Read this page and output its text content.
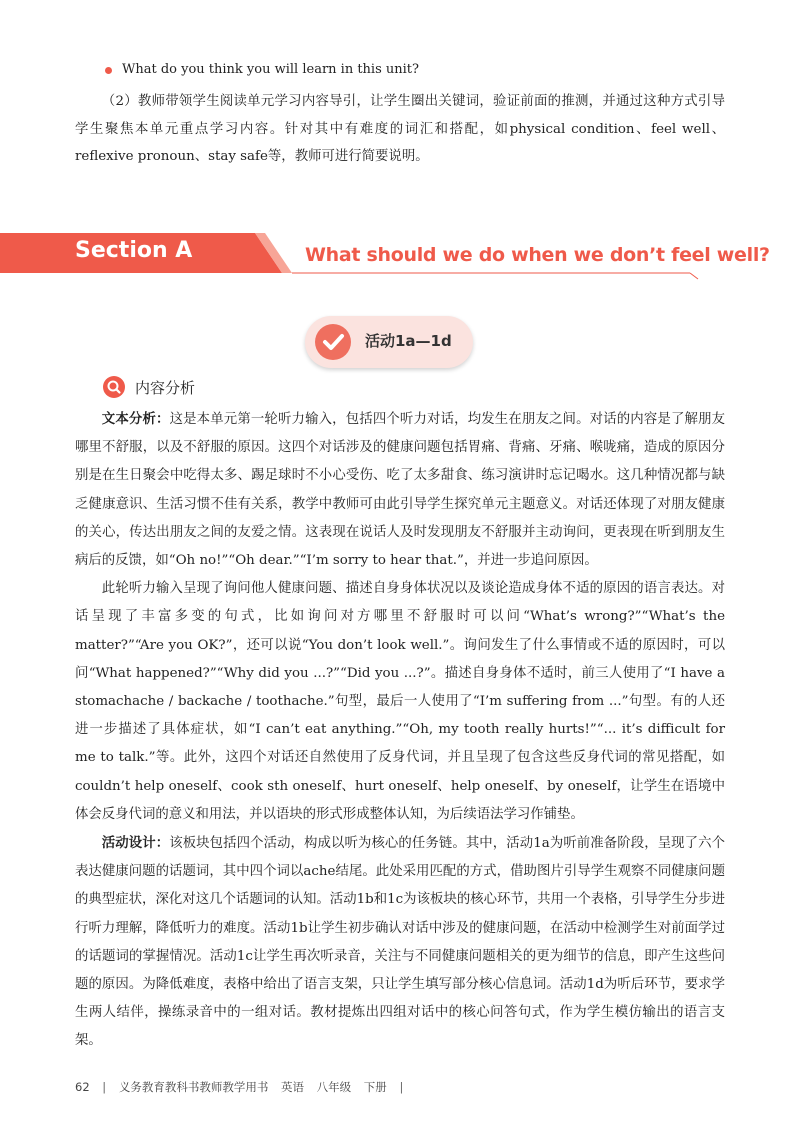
What do you think you will learn in this unit?

（2）教师带领学生阅读单元学习内容导引，让学生圈出关键词，验证前面的推测，并通过这种方式引导学生聚焦本单元重点学习内容。针对其中有难度的词汇和搭配，如physical condition、feel well、reflexive pronoun、stay safe等，教师可进行简要说明。

Section A	What should we do when we don’t feel well?
活动1a—1d
内容分析

文本分析：这是本单元第一轮听力输入，包括四个听力对话，均发生在朋友之间。对话的内容是了解朋友哪里不舒服，以及不舒服的原因。这四个对话涉及的健康问题包括胃痛、背痛、牙痛、喉咙痛，造成的原因分别是在生日聚会中吃得太多、踢足球时不小心受伤、吃了太多甜食、练习演讲时忘记喝水。这几种情况都与缺乏健康意识、生活习惯不佳有关系，教学中教师可由此引导学生探究单元主题意义。对话还体现了对朋友健康的关心，传达出朋友之间的友爱之情。这表现在说话人及时发现朋友不舒服并主动询问，更表现在听到朋友生病后的反馈，如“Oh no!”“Oh dear.”“I’m sorry to hear that.”，并进一步追问原因。

此轮听力输入呈现了询问他人健康问题、描述自身身体状况以及谈论造成身体不适的原因的语言表达。对话呈现了丰富多变的句式，比如询问对方哪里不舒服时可以问“What’s wrong?”“What’s the matter?”“Are you OK?”，还可以说“You don’t look well.”。询问发生了什么事情或不适的原因时，可以问“What happened?”“Why did you ...?”“Did you ...?”。描述自身身体不适时，前三人使用了“I have a stomachache / backache / toothache.”句型，最后一人使用了“I’m suffering from ...”句型。有的人还进一步描述了具体症状，如“I can’t eat anything.”“Oh, my tooth really hurts!”“... it’s difficult for me to talk.”等。此外，这四个对话还自然使用了反身代词，并且呈现了包含这些反身代词的常见搭配，如couldn’t help oneself、cook sth oneself、hurt oneself、help oneself、by oneself，让学生在语境中体会反身代词的意义和用法，并以语块的形式形成整体认知，为后续语法学习作铺垫。

活动设计：该板块包括四个活动，构成以听为核心的任务链。其中，活动1a为听前准备阶段，呈现了六个表达健康问题的话题词，其中四个词以ache结尾。此处采用匹配的方式，借助图片引导学生观察不同健康问题的典型症状，深化对这几个话题词的认知。活动1b和1c为该板块的核心环节，共用一个表格，引导学生分步进行听力理解，降低听力的难度。活动1b让学生初步确认对话中涉及的健康问题，在活动中检测学生对前面学过的话题词的掌握情况。活动1c让学生再次听录音，关注与不同健康问题相关的更为细节的信息，即产生这些问题的原因。为降低难度，表格中给出了语言支架，只让学生填写部分核心信息词。活动1d为听后环节，要求学生两人结伴，操练录音中的一组对话。教材提炼出四组对话中的核心问答句式，作为学生模仿输出的语言支架。

62 | 义务教育教科书教师教学用书 英语 八年级 下册 |
